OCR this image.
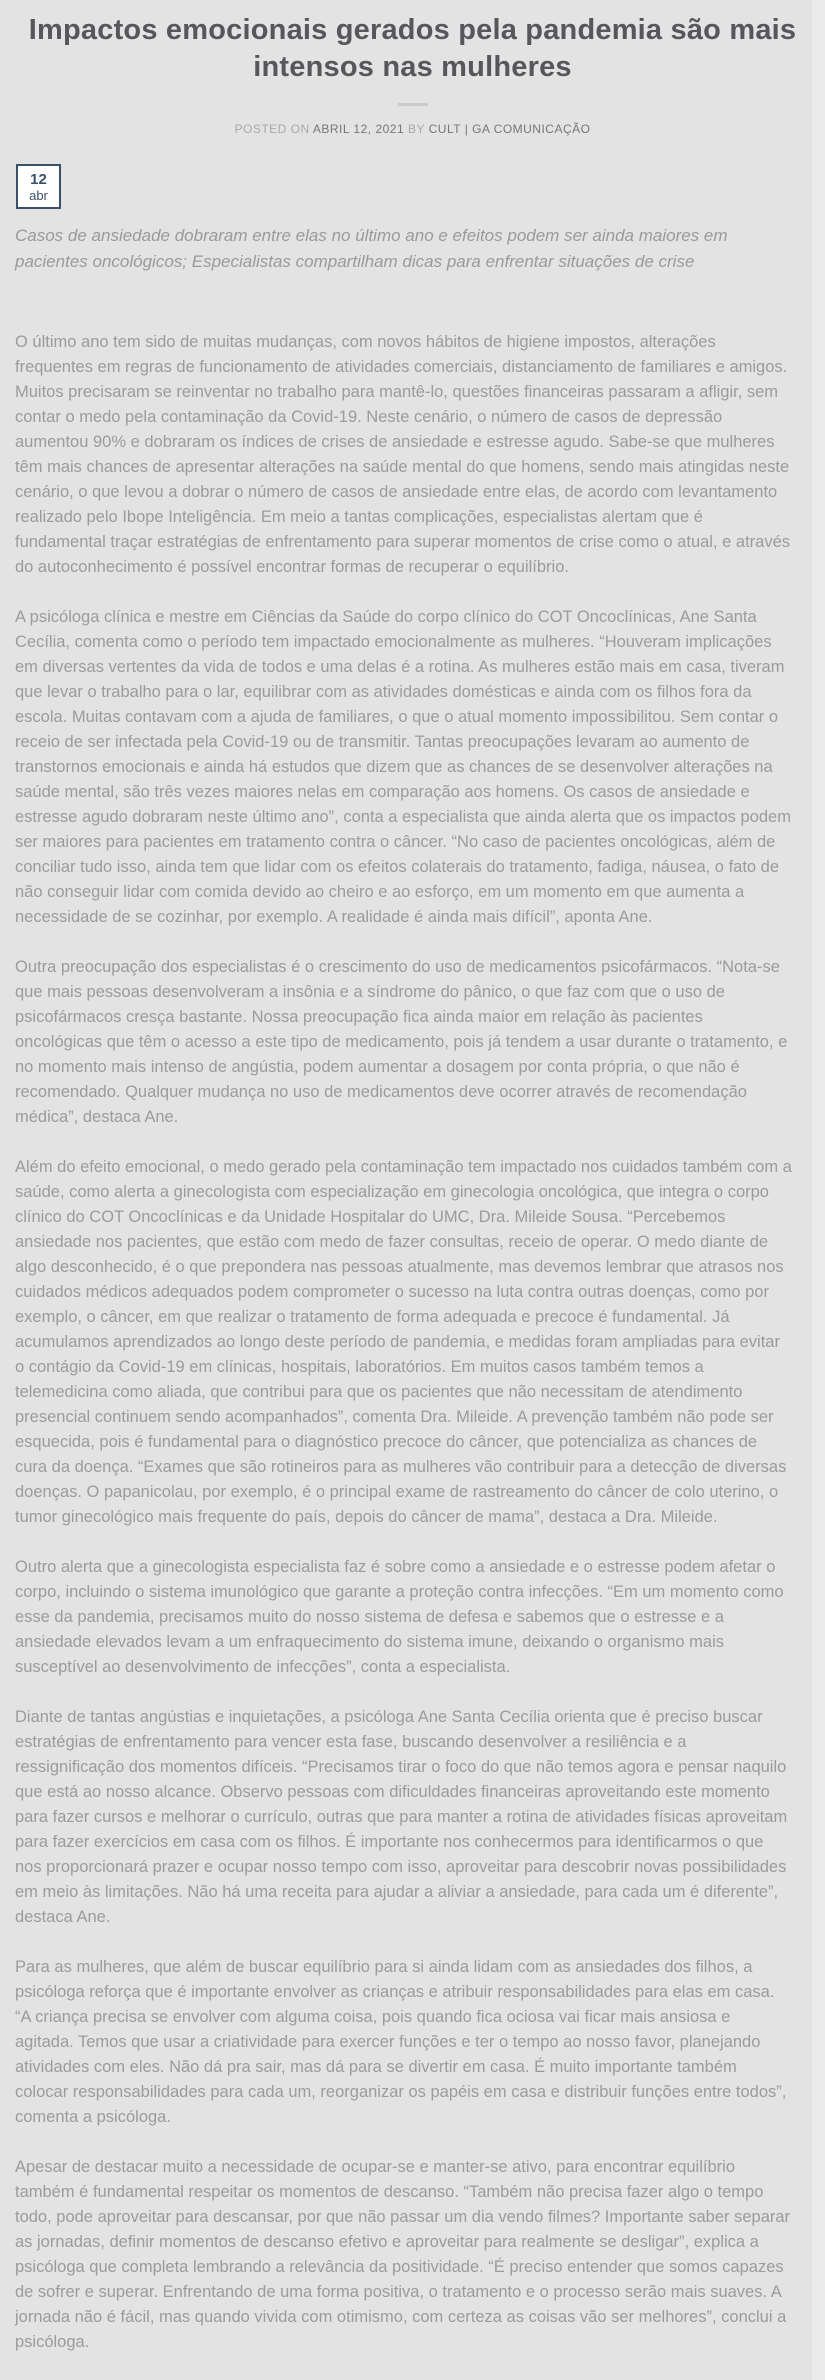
Impactos emocionais gerados pela pandemia são mais intensos nas mulheres
POSTED ON ABRIL 12, 2021 BY CULT | GA COMUNICAÇÃO
12
abr

Casos de ansiedade dobraram entre elas no último ano e efeitos podem ser ainda maiores em pacientes oncológicos; Especialistas compartilham dicas para enfrentar situações de crise

O último ano tem sido de muitas mudanças, com novos hábitos de higiene impostos, alterações frequentes em regras de funcionamento de atividades comerciais, distanciamento de familiares e amigos. Muitos precisaram se reinventar no trabalho para mantê-lo, questões financeiras passaram a afligir, sem contar o medo pela contaminação da Covid-19. Neste cenário, o número de casos de depressão aumentou 90% e dobraram os índices de crises de ansiedade e estresse agudo. Sabe-se que mulheres têm mais chances de apresentar alterações na saúde mental do que homens, sendo mais atingidas neste cenário, o que levou a dobrar o número de casos de ansiedade entre elas, de acordo com levantamento realizado pelo Ibope Inteligência. Em meio a tantas complicações, especialistas alertam que é fundamental traçar estratégias de enfrentamento para superar momentos de crise como o atual, e através do autoconhecimento é possível encontrar formas de recuperar o equilíbrio.

A psicóloga clínica e mestre em Ciências da Saúde do corpo clínico do COT Oncoclínicas, Ane Santa Cecília, comenta como o período tem impactado emocionalmente as mulheres. “Houveram implicações em diversas vertentes da vida de todos e uma delas é a rotina. As mulheres estão mais em casa, tiveram que levar o trabalho para o lar, equilibrar com as atividades domésticas e ainda com os filhos fora da escola. Muitas contavam com a ajuda de familiares, o que o atual momento impossibilitou. Sem contar o receio de ser infectada pela Covid-19 ou de transmitir. Tantas preocupações levaram ao aumento de transtornos emocionais e ainda há estudos que dizem que as chances de se desenvolver alterações na saúde mental, são três vezes maiores nelas em comparação aos homens. Os casos de ansiedade e estresse agudo dobraram neste último ano”, conta a especialista que ainda alerta que os impactos podem ser maiores para pacientes em tratamento contra o câncer. “No caso de pacientes oncológicas, além de conciliar tudo isso, ainda tem que lidar com os efeitos colaterais do tratamento, fadiga, náusea, o fato de não conseguir lidar com comida devido ao cheiro e ao esforço, em um momento em que aumenta a necessidade de se cozinhar, por exemplo. A realidade é ainda mais difícil”, aponta Ane.

Outra preocupação dos especialistas é o crescimento do uso de medicamentos psicofármacos. “Nota-se que mais pessoas desenvolveram a insônia e a síndrome do pânico, o que faz com que o uso de psicofármacos cresça bastante. Nossa preocupação fica ainda maior em relação às pacientes oncológicas que têm o acesso a este tipo de medicamento, pois já tendem a usar durante o tratamento, e no momento mais intenso de angústia, podem aumentar a dosagem por conta própria, o que não é recomendado. Qualquer mudança no uso de medicamentos deve ocorrer através de recomendação médica”, destaca Ane.

Além do efeito emocional, o medo gerado pela contaminação tem impactado nos cuidados também com a saúde, como alerta a ginecologista com especialização em ginecologia oncológica, que integra o corpo clínico do COT Oncoclínicas e da Unidade Hospitalar do UMC, Dra. Mileide Sousa. “Percebemos ansiedade nos pacientes, que estão com medo de fazer consultas, receio de operar. O medo diante de algo desconhecido, é o que prepondera nas pessoas atualmente, mas devemos lembrar que atrasos nos cuidados médicos adequados podem comprometer o sucesso na luta contra outras doenças, como por exemplo, o câncer, em que realizar o tratamento de forma adequada e precoce é fundamental. Já acumulamos aprendizados ao longo deste período de pandemia, e medidas foram ampliadas para evitar o contágio da Covid-19 em clínicas, hospitais, laboratórios. Em muitos casos também temos a telemedicina como aliada, que contribui para que os pacientes que não necessitam de atendimento presencial continuem sendo acompanhados”, comenta Dra. Mileide. A prevenção também não pode ser esquecida, pois é fundamental para o diagnóstico precoce do câncer, que potencializa as chances de cura da doença. “Exames que são rotineiros para as mulheres vão contribuir para a detecção de diversas doenças. O papanicolau, por exemplo, é o principal exame de rastreamento do câncer de colo uterino, o tumor ginecológico mais frequente do país, depois do câncer de mama”, destaca a Dra. Mileide.

Outro alerta que a ginecologista especialista faz é sobre como a ansiedade e o estresse podem afetar o corpo, incluindo o sistema imunológico que garante a proteção contra infecções. “Em um momento como esse da pandemia, precisamos muito do nosso sistema de defesa e sabemos que o estresse e a ansiedade elevados levam a um enfraquecimento do sistema imune, deixando o organismo mais susceptível ao desenvolvimento de infecções”, conta a especialista.

Diante de tantas angústias e inquietações, a psicóloga Ane Santa Cecília orienta que é preciso buscar estratégias de enfrentamento para vencer esta fase, buscando desenvolver a resiliência e a ressignificação dos momentos difíceis. “Precisamos tirar o foco do que não temos agora e pensar naquilo que está ao nosso alcance. Observo pessoas com dificuldades financeiras aproveitando este momento para fazer cursos e melhorar o currículo, outras que para manter a rotina de atividades físicas aproveitam para fazer exercícios em casa com os filhos. É importante nos conhecermos para identificarmos o que nos proporcionará prazer e ocupar nosso tempo com isso, aproveitar para descobrir novas possibilidades em meio às limitações. Não há uma receita para ajudar a aliviar a ansiedade, para cada um é diferente”, destaca Ane.

Para as mulheres, que além de buscar equilíbrio para si ainda lidam com as ansiedades dos filhos, a psicóloga reforça que é importante envolver as crianças e atribuir responsabilidades para elas em casa. “A criança precisa se envolver com alguma coisa, pois quando fica ociosa vai ficar mais ansiosa e agitada. Temos que usar a criatividade para exercer funções e ter o tempo ao nosso favor, planejando atividades com eles. Não dá pra sair, mas dá para se divertir em casa. É muito importante também colocar responsabilidades para cada um, reorganizar os papéis em casa e distribuir funções entre todos”, comenta a psicóloga.

Apesar de destacar muito a necessidade de ocupar-se e manter-se ativo, para encontrar equilíbrio também é fundamental respeitar os momentos de descanso. “Também não precisa fazer algo o tempo todo, pode aproveitar para descansar, por que não passar um dia vendo filmes? Importante saber separar as jornadas, definir momentos de descanso efetivo e aproveitar para realmente se desligar”, explica a psicóloga que completa lembrando a relevância da positividade. “É preciso entender que somos capazes de sofrer e superar. Enfrentando de uma forma positiva, o tratamento e o processo serão mais suaves. A jornada não é fácil, mas quando vivida com otimismo, com certeza as coisas vão ser melhores”, conclui a psicóloga.
